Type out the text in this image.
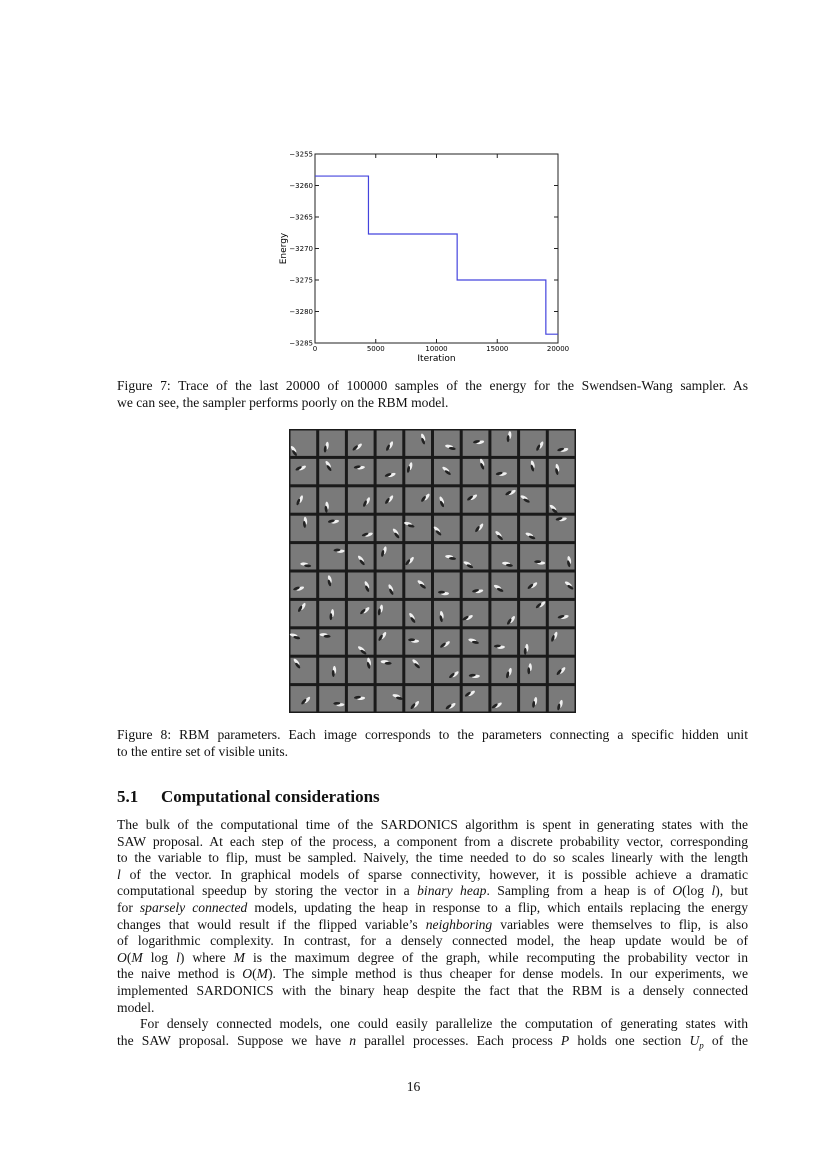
0	5000	10000	15000	20000
−3255
−3260
−3265
−3270
−3275
−3280
−3285
Iteration
Energy
5.1 Computational considerations
16
Figure 7: Trace of the last 20000 of 100000 samples of the energy for the Swendsen-Wang sampler. As
we can see, the sampler performs poorly on the RBM model.
Figure 8: RBM parameters. Each image corresponds to the parameters connecting a specific hidden unit
to the entire set of visible units.
The bulk of the computational time of the SARDONICS algorithm is spent in generating states with the
SAW proposal. At each step of the process, a component from a discrete probability vector, corresponding
to the variable to flip, must be sampled. Naively, the time needed to do so scales linearly with the length
l of the vector. In graphical models of sparse connectivity, however, it is possible achieve a dramatic
computational speedup by storing the vector in a binary heap. Sampling from a heap is of O(log l), but
for sparsely connected models, updating the heap in response to a flip, which entails replacing the energy
changes that would result if the flipped variable’s neighboring variables were themselves to flip, is also
of logarithmic complexity. In contrast, for a densely connected model, the heap update would be of
O(M log l) where M is the maximum degree of the graph, while recomputing the probability vector in
the naive method is O(M). The simple method is thus cheaper for dense models. In our experiments, we
implemented SARDONICS with the binary heap despite the fact that the RBM is a densely connected
model.
For densely connected models, one could easily parallelize the computation of generating states with
the SAW proposal. Suppose we have n parallel processes. Each process P holds one section $U_p$ of the
